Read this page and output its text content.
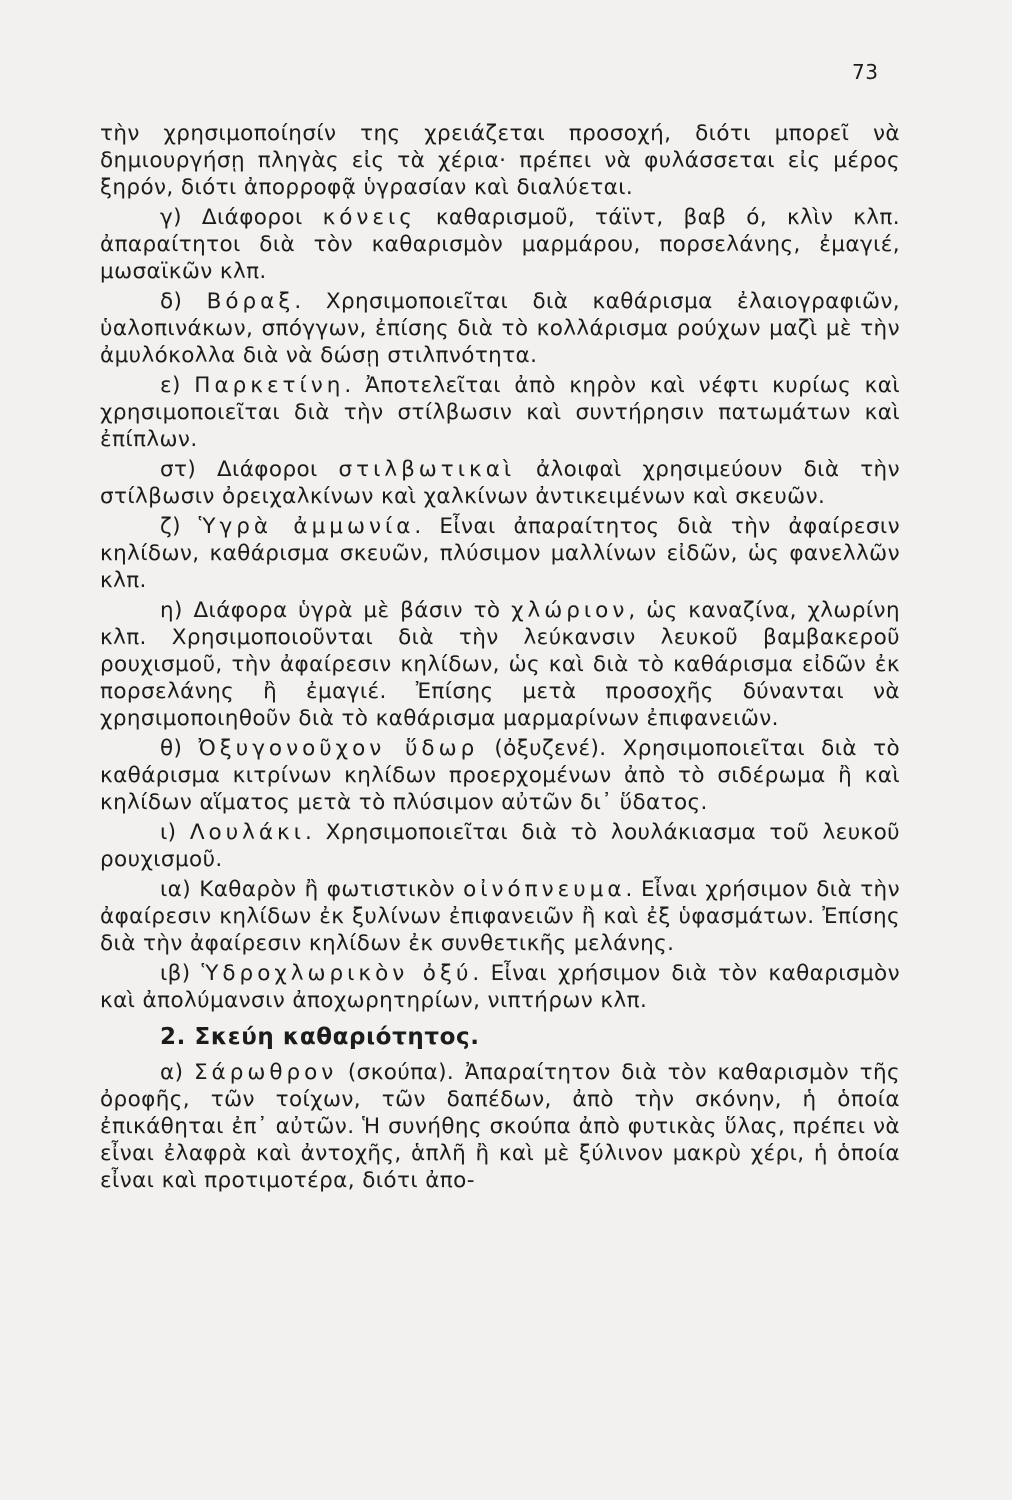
73

τὴν χρησιμοποίησίν της χρειάζεται προσοχή, διότι μπορεῖ νὰ δημιουργήσῃ πληγὰς εἰς τὰ χέρια· πρέπει νὰ φυλάσσεται εἰς μέρος ξηρόν, διότι ἀπορροφᾷ ὑγρασίαν καὶ διαλύεται.

γ) Διάφοροι κόνεις καθαρισμοῦ, τάϊντ, βαβ ό, κλὶν κλπ. ἀπαραίτητοι διὰ τὸν καθαρισμὸν μαρμάρου, πορσελάνης, ἐμαγιέ, μωσαϊκῶν κλπ.

δ) Βόραξ. Χρησιμοποιεῖται διὰ καθάρισμα ἐλαιογραφιῶν, ὑαλοπινάκων, σπόγγων, ἐπίσης διὰ τὸ κολλάρισμα ρούχων μαζὶ μὲ τὴν ἀμυλόκολλα διὰ νὰ δώσῃ στιλπνότητα.

ε) Παρκετίνη. Ἀποτελεῖται ἀπὸ κηρὸν καὶ νέφτι κυρίως καὶ χρησιμοποιεῖται διὰ τὴν στίλβωσιν καὶ συντήρησιν πατωμάτων καὶ ἐπίπλων.

στ) Διάφοροι στιλβωτικαὶ ἀλοιφαὶ χρησιμεύουν διὰ τὴν στίλβωσιν ὀρειχαλκίνων καὶ χαλκίνων ἀντικειμένων καὶ σκευῶν.

ζ) Ὑγρὰ ἀμμωνία. Εἶναι ἀπαραίτητος διὰ τὴν ἀφαίρεσιν κηλίδων, καθάρισμα σκευῶν, πλύσιμον μαλλίνων εἰδῶν, ὡς φανελλῶν κλπ.

η) Διάφορα ὑγρὰ μὲ βάσιν τὸ χλώριον, ὡς καναζίνα, χλωρίνη κλπ. Χρησιμοποιοῦνται διὰ τὴν λεύκανσιν λευκοῦ βαμβακεροῦ ρουχισμοῦ, τὴν ἀφαίρεσιν κηλίδων, ὡς καὶ διὰ τὸ καθάρισμα εἰδῶν ἐκ πορσελάνης ἢ ἐμαγιέ. Ἐπίσης μετὰ προσοχῆς δύνανται νὰ χρησιμοποιηθοῦν διὰ τὸ καθάρισμα μαρμαρίνων ἐπιφανειῶν.

θ) Ὀξυγονοῦχον ὕδωρ (ὀξυζενέ). Χρησιμοποιεῖται διὰ τὸ καθάρισμα κιτρίνων κηλίδων προερχομένων ἀπὸ τὸ σιδέρωμα ἢ καὶ κηλίδων αἵματος μετὰ τὸ πλύσιμον αὐτῶν δι᾿ ὕδατος.

ι) Λουλάκι. Χρησιμοποιεῖται διὰ τὸ λουλάκιασμα τοῦ λευκοῦ ρουχισμοῦ.

ια) Καθαρὸν ἢ φωτιστικὸν οἰνόπνευμα. Εἶναι χρήσιμον διὰ τὴν ἀφαίρεσιν κηλίδων ἐκ ξυλίνων ἐπιφανειῶν ἢ καὶ ἐξ ὑφασμάτων. Ἐπίσης διὰ τὴν ἀφαίρεσιν κηλίδων ἐκ συνθετικῆς μελάνης.

ιβ) Ὑδροχλωρικὸν ὀξύ. Εἶναι χρήσιμον διὰ τὸν καθαρισμὸν καὶ ἀπολύμανσιν ἀποχωρητηρίων, νιπτήρων κλπ.

2. Σκεύη καθαριότητος.

α) Σάρωθρον (σκούπα). Ἀπαραίτητον διὰ τὸν καθαρισμὸν τῆς ὀροφῆς, τῶν τοίχων, τῶν δαπέδων, ἀπὸ τὴν σκόνην, ἡ ὁποία ἐπικάθηται ἐπ᾿ αὐτῶν. Ἡ συνήθης σκούπα ἀπὸ φυτικὰς ὕλας, πρέπει νὰ εἶναι ἐλαφρὰ καὶ ἀντοχῆς, ἁπλῆ ἢ καὶ μὲ ξύλινον μακρὺ χέρι, ἡ ὁποία εἶναι καὶ προτιμοτέρα, διότι ἀπο-
